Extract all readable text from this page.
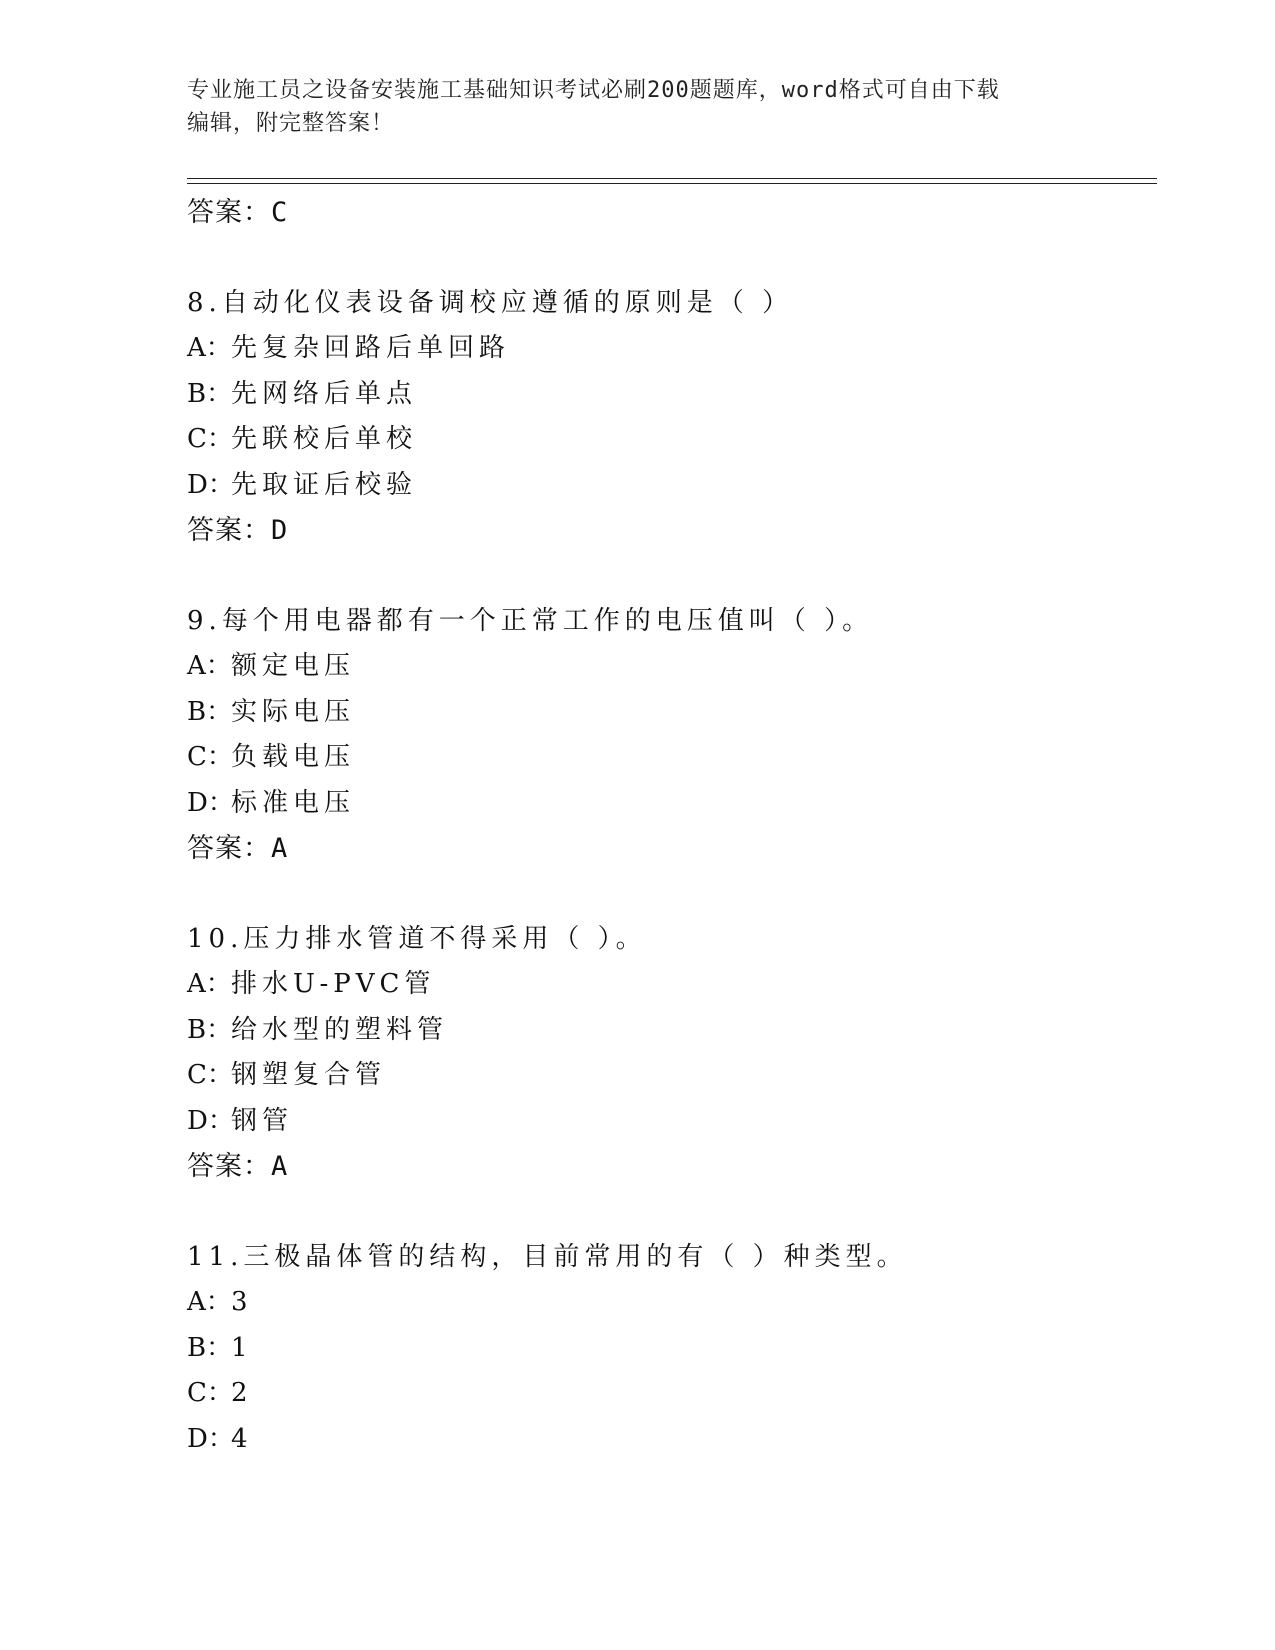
专业施工员之设备安装施工基础知识考试必刷200题题库，word格式可自由下载
编辑，附完整答案！
答案：C
8.自动化仪表设备调校应遵循的原则是（ ）
A：先复杂回路后单回路
B：先网络后单点
C：先联校后单校
D：先取证后校验
答案：D
9.每个用电器都有一个正常工作的电压值叫（ ）。
A：额定电压
B：实际电压
C：负载电压
D：标准电压
答案：A
10.压力排水管道不得采用（ ）。
A：排水U-PVC管
B：给水型的塑料管
C：钢塑复合管
D：钢管
答案：A
11.三极晶体管的结构，目前常用的有（ ）种类型。
A：3
B：1
C：2
D：4
